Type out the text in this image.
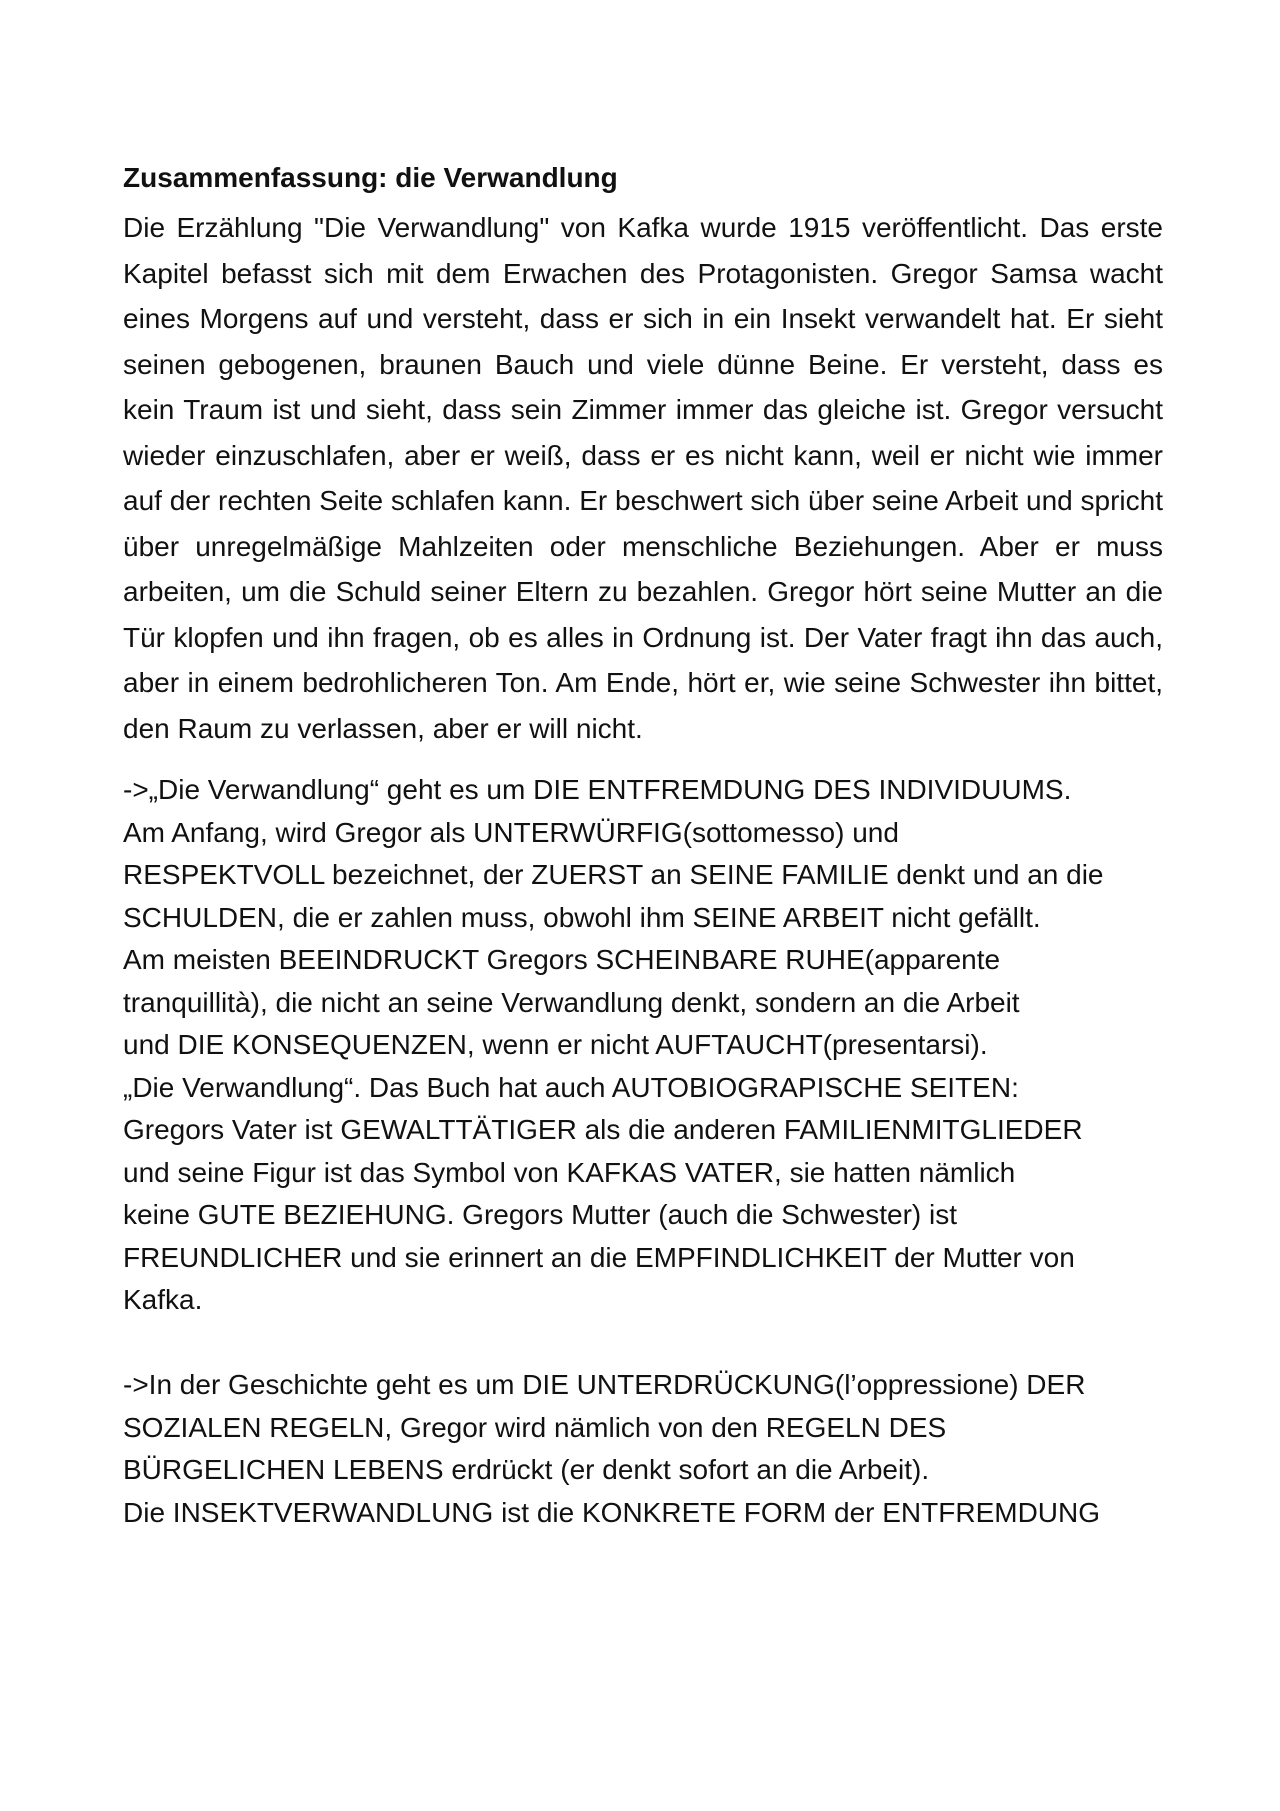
Zusammenfassung: die Verwandlung

Die Erzählung "Die Verwandlung" von Kafka wurde 1915 veröffentlicht. Das erste Kapitel befasst sich mit dem Erwachen des Protagonisten. Gregor Samsa wacht eines Morgens auf und versteht, dass er sich in ein Insekt verwandelt hat. Er sieht seinen gebogenen, braunen Bauch und viele dünne Beine. Er versteht, dass es kein Traum ist und sieht, dass sein Zimmer immer das gleiche ist. Gregor versucht wieder einzuschlafen, aber er weiß, dass er es nicht kann, weil er nicht wie immer auf der rechten Seite schlafen kann. Er beschwert sich über seine Arbeit und spricht über unregelmäßige Mahlzeiten oder menschliche Beziehungen. Aber er muss arbeiten, um die Schuld seiner Eltern zu bezahlen. Gregor hört seine Mutter an die Tür klopfen und ihn fragen, ob es alles in Ordnung ist. Der Vater fragt ihn das auch, aber in einem bedrohlicheren Ton. Am Ende, hört er, wie seine Schwester ihn bittet, den Raum zu verlassen, aber er will nicht.

->„Die Verwandlung“ geht es um DIE ENTFREMDUNG DES INDIVIDUUMS.
Am Anfang, wird Gregor als UNTERWÜRFIG(sottomesso) und
RESPEKTVOLL bezeichnet, der ZUERST an SEINE FAMILIE denkt und an die
SCHULDEN, die er zahlen muss, obwohl ihm SEINE ARBEIT nicht gefällt.
Am meisten BEEINDRUCKT Gregors SCHEINBARE RUHE(apparente
tranquillità), die nicht an seine Verwandlung denkt, sondern an die Arbeit
und DIE KONSEQUENZEN, wenn er nicht AUFTAUCHT(presentarsi).
„Die Verwandlung“. Das Buch hat auch AUTOBIOGRAPISCHE SEITEN:
Gregors Vater ist GEWALTTÄTIGER als die anderen FAMILIENMITGLIEDER
und seine Figur ist das Symbol von KAFKAS VATER, sie hatten nämlich
keine GUTE BEZIEHUNG. Gregors Mutter (auch die Schwester) ist
FREUNDLICHER und sie erinnert an die EMPFINDLICHKEIT der Mutter von
Kafka.
->In der Geschichte geht es um DIE UNTERDRÜCKUNG(l’oppressione) DER
SOZIALEN REGELN, Gregor wird nämlich von den REGELN DES
BÜRGELICHEN LEBENS erdrückt (er denkt sofort an die Arbeit).
Die INSEKTVERWANDLUNG ist die KONKRETE FORM der ENTFREMDUNG
